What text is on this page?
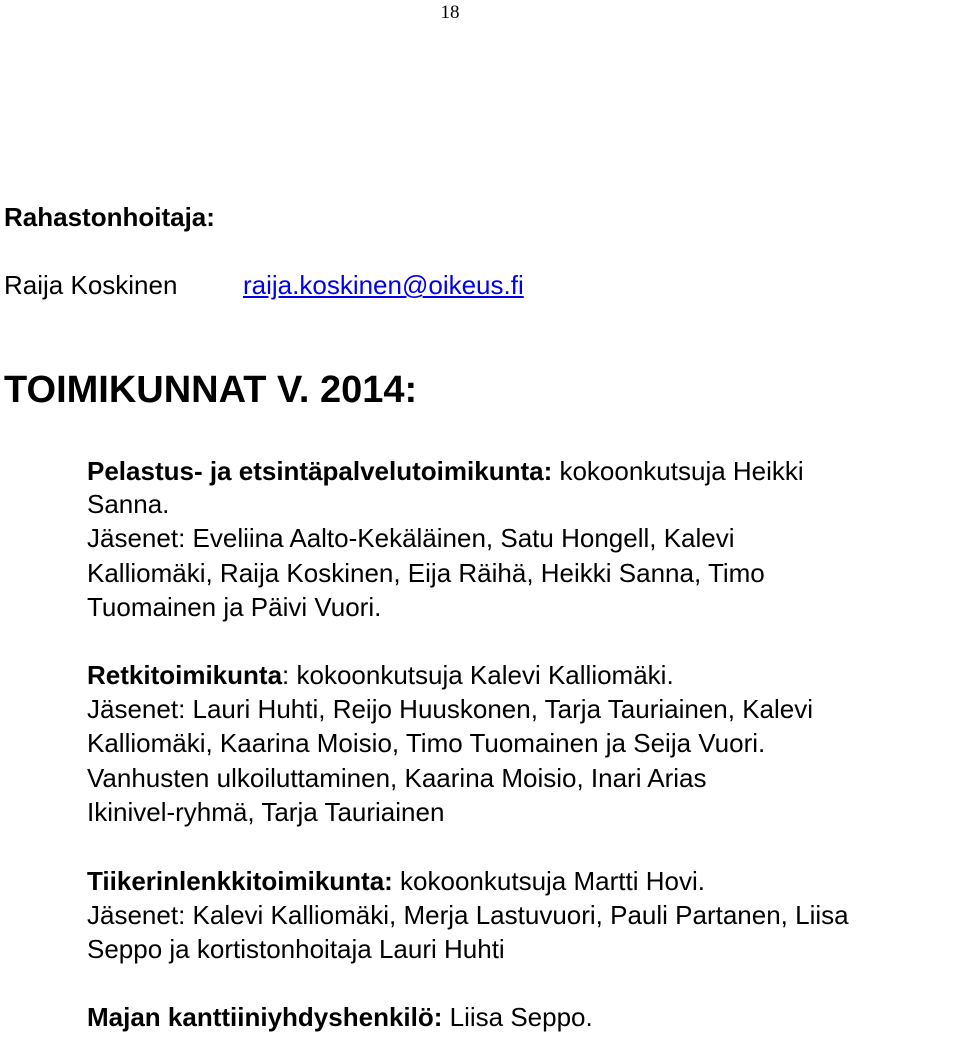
18
Rahastonhoitaja:
Raija Koskinen	raija.koskinen@oikeus.fi
TOIMIKUNNAT V. 2014:
Pelastus- ja etsintäpalvelutoimikunta: kokoonkutsuja Heikki
Sanna.
Jäsenet: Eveliina Aalto-Kekäläinen, Satu Hongell, Kalevi
Kalliomäki, Raija Koskinen, Eija Räihä, Heikki Sanna, Timo
Tuomainen ja Päivi Vuori.
Retkitoimikunta: kokoonkutsuja Kalevi Kalliomäki.
Jäsenet: Lauri Huhti, Reijo Huuskonen, Tarja Tauriainen, Kalevi
Kalliomäki, Kaarina Moisio, Timo Tuomainen ja Seija Vuori.
Vanhusten ulkoiluttaminen, Kaarina Moisio, Inari Arias
Ikinivel-ryhmä, Tarja Tauriainen
Tiikerinlenkkitoimikunta: kokoonkutsuja Martti Hovi.
Jäsenet: Kalevi Kalliomäki, Merja Lastuvuori, Pauli Partanen, Liisa
Seppo ja kortistonhoitaja Lauri Huhti
Majan kanttiiniyhdyshenkilö: Liisa Seppo.
